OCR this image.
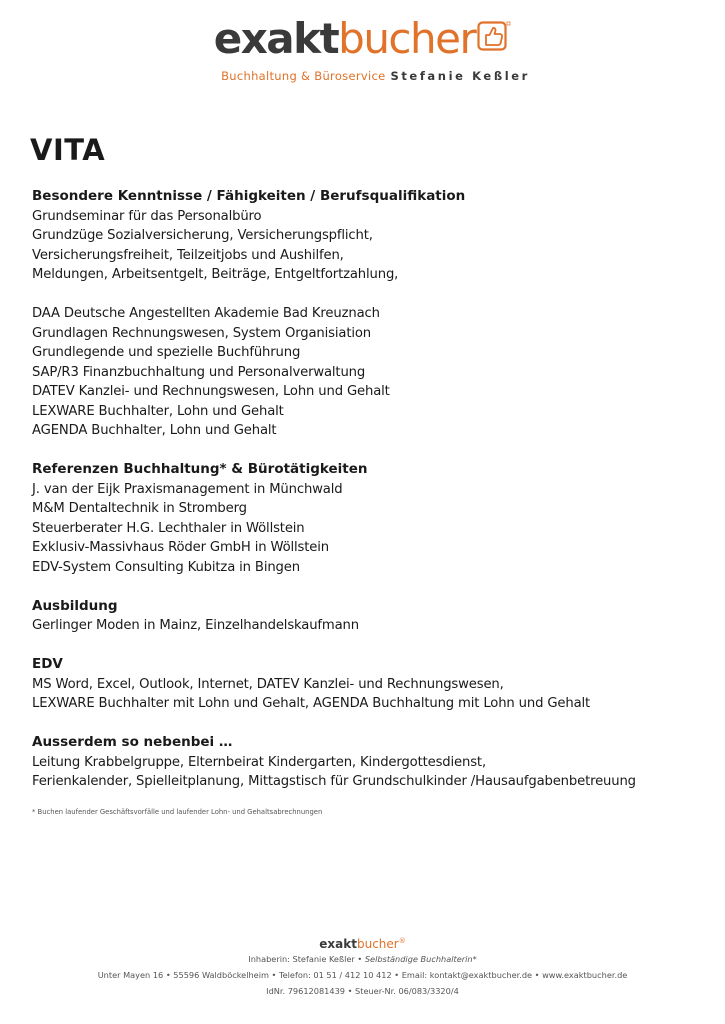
exakt bucher
Buchhaltung & Büroservice Stefanie Keßler
VITA

Besondere Kenntnisse / Fähigkeiten / Berufsqualifikation

Grundseminar für das Personalbüro

Grundzüge Sozialversicherung, Versicherungspflicht,

Versicherungsfreiheit, Teilzeitjobs und Aushilfen,

Meldungen, Arbeitsentgelt, Beiträge, Entgeltfortzahlung,

DAA Deutsche Angestellten Akademie Bad Kreuznach

Grundlagen Rechnungswesen, System Organisiation

Grundlegende und spezielle Buchführung

SAP/R3 Finanzbuchhaltung und Personalverwaltung

DATEV Kanzlei- und Rechnungswesen, Lohn und Gehalt

LEXWARE Buchhalter, Lohn und Gehalt

AGENDA Buchhalter, Lohn und Gehalt

Referenzen Buchhaltung* & Bürotätigkeiten

J. van der Eijk Praxismanagement in Münchwald

M&M Dentaltechnik in Stromberg

Steuerberater H.G. Lechthaler in Wöllstein

Exklusiv-Massivhaus Röder GmbH in Wöllstein

EDV-System Consulting Kubitza in Bingen

Ausbildung

Gerlinger Moden in Mainz, Einzelhandelskaufmann

EDV

MS Word, Excel, Outlook, Internet, DATEV Kanzlei- und Rechnungswesen,

LEXWARE Buchhalter mit Lohn und Gehalt, AGENDA Buchhaltung mit Lohn und Gehalt

Ausserdem so nebenbei …

Leitung Krabbelgruppe, Elternbeirat Kindergarten, Kindergottesdienst,

Ferienkalender, Spielleitplanung, Mittagstisch für Grundschulkinder /Hausaufgabenbetreuung

* Buchen laufender Geschäftsvorfälle und laufender Lohn- und Gehaltsabrechnungen

exaktbucher®
Inhaberin: Stefanie Keßler • Selbständige Buchhalterin*
Unter Mayen 16 • 55596 Waldböckelheim • Telefon: 01 51 / 412 10 412 • Email: kontakt@exaktbucher.de • www.exaktbucher.de
IdNr. 79612081439 • Steuer-Nr. 06/083/3320/4
